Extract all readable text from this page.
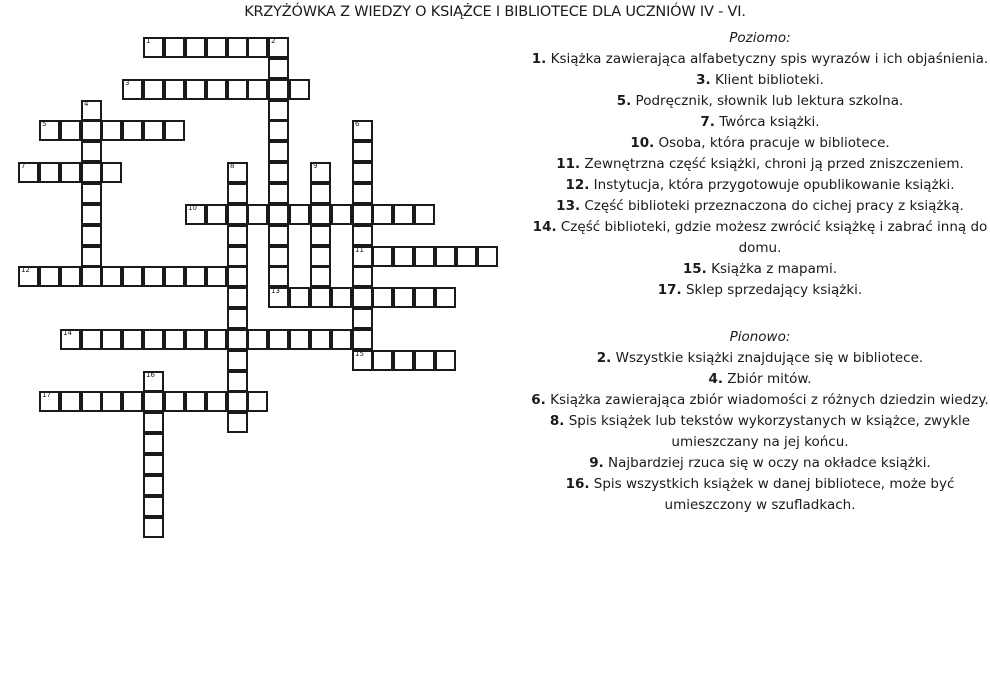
KRZYŻÓWKA Z WIEDZY O KSIĄŻCE I BIBLIOTECE DLA UCZNIÓW IV - VI.
1	2
13
3
4
5	6
11
15
7	8	9
10
12
14
16
17
Poziomo:
1. Książka zawierająca alfabetyczny spis wyrazów i ich objaśnienia.
3. Klient biblioteki.
5. Podręcznik, słownik lub lektura szkolna.
7. Twórca książki.
10. Osoba, która pracuje w bibliotece.
11. Zewnętrzna część książki, chroni ją przed zniszczeniem.
12. Instytucja, która przygotowuje opublikowanie książki.
13. Część biblioteki przeznaczona do cichej pracy z książką.
14. Część biblioteki, gdzie możesz zwrócić książkę i zabrać inną do domu.
15. Książka z mapami.
17. Sklep sprzedający książki.
Pionowo:
2. Wszystkie książki znajdujące się w bibliotece.
4. Zbiór mitów.
6. Książka zawierająca zbiór wiadomości z różnych dziedzin wiedzy.
8. Spis książek lub tekstów wykorzystanych w książce, zwykle umieszczany na jej końcu.
9. Najbardziej rzuca się w oczy na okładce książki.
16. Spis wszystkich książek w danej bibliotece, może być umieszczony w szufladkach.
